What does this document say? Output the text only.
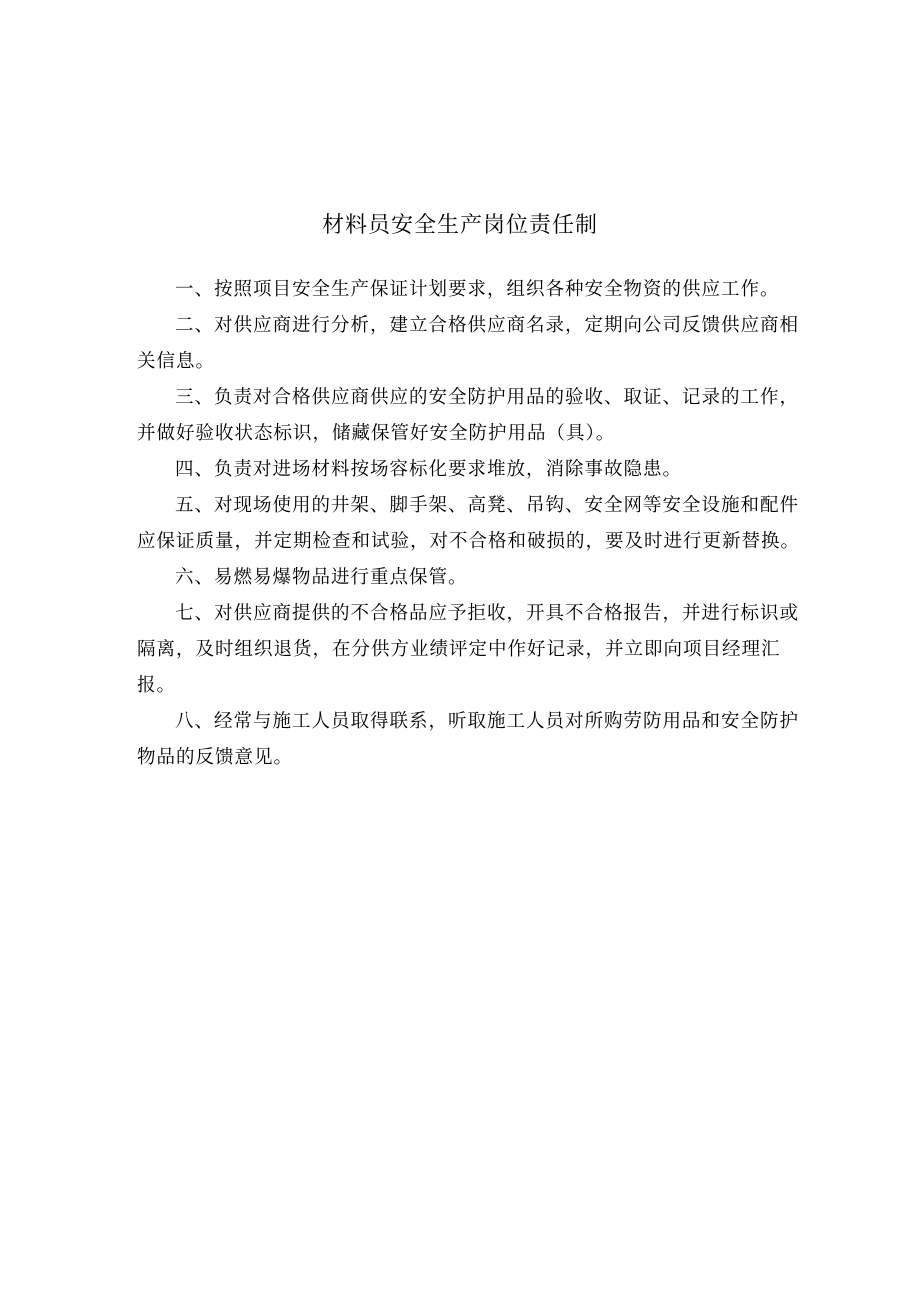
材料员安全生产岗位责任制

一、按照项目安全生产保证计划要求，组织各种安全物资的供应工作。

二、对供应商进行分析，建立合格供应商名录，定期向公司反馈供应商相关信息。

三、负责对合格供应商供应的安全防护用品的验收、取证、记录的工作，并做好验收状态标识，储藏保管好安全防护用品（具）。

四、负责对进场材料按场容标化要求堆放，消除事故隐患。

五、对现场使用的井架、脚手架、高凳、吊钩、安全网等安全设施和配件应保证质量，并定期检查和试验，对不合格和破损的，要及时进行更新替换。

六、易燃易爆物品进行重点保管。

七、对供应商提供的不合格品应予拒收，开具不合格报告，并进行标识或隔离，及时组织退货，在分供方业绩评定中作好记录，并立即向项目经理汇报。

八、经常与施工人员取得联系，听取施工人员对所购劳防用品和安全防护物品的反馈意见。
